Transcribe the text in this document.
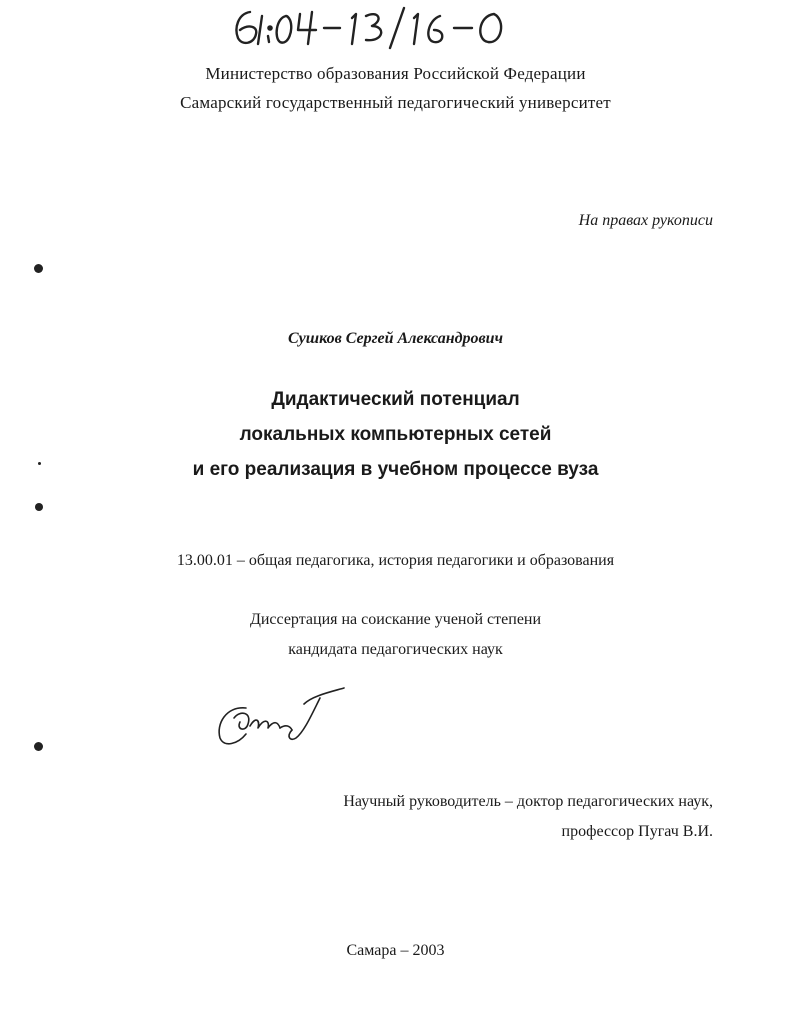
Министерство образования Российской Федерации
Самарский государственный педагогический университет
На правах рукописи
Сушков Сергей Александрович
Дидактический потенциал
локальных компьютерных сетей
и его реализация в учебном процессе вуза
13.00.01 – общая педагогика, история педагогики и образования
Диссертация на соискание ученой степени
кандидата педагогических наук
Научный руководитель – доктор педагогических наук,
профессор Пугач В.И.
Самара – 2003
